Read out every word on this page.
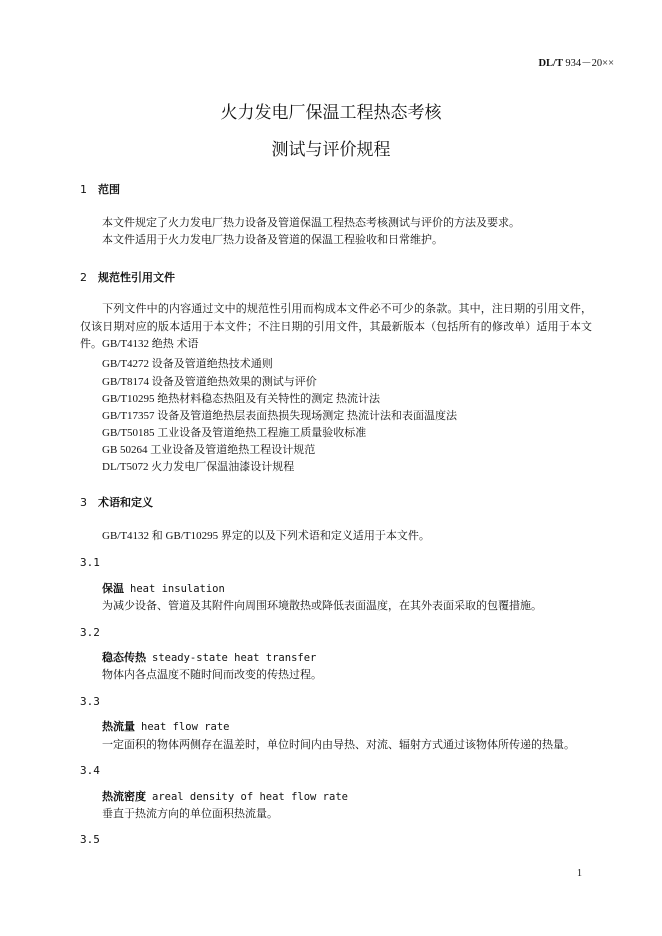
DL/T 934－20××
火力发电厂保温工程热态考核
测试与评价规程
1 范围
本文件规定了火力发电厂热力设备及管道保温工程热态考核测试与评价的方法及要求。
本文件适用于火力发电厂热力设备及管道的保温工程验收和日常维护。
2 规范性引用文件
下列文件中的内容通过文中的规范性引用而构成本文件必不可少的条款。其中，注日期的引用文件，仅该日期对应的版本适用于本文件；不注日期的引用文件，其最新版本（包括所有的修改单）适用于本文件。GB/T4132 绝热 术语
GB/T4272 设备及管道绝热技术通则
GB/T8174 设备及管道绝热效果的测试与评价
GB/T10295 绝热材料稳态热阻及有关特性的测定 热流计法
GB/T17357 设备及管道绝热层表面热损失现场测定 热流计法和表面温度法
GB/T50185 工业设备及管道绝热工程施工质量验收标准
GB 50264 工业设备及管道绝热工程设计规范
DL/T5072 火力发电厂保温油漆设计规程
3 术语和定义
GB/T4132 和 GB/T10295 界定的以及下列术语和定义适用于本文件。
3.1
保温 heat insulation
为减少设备、管道及其附件向周围环境散热或降低表面温度，在其外表面采取的包覆措施。
3.2
稳态传热 steady-state heat transfer
物体内各点温度不随时间而改变的传热过程。
3.3
热流量 heat flow rate
一定面积的物体两侧存在温差时，单位时间内由导热、对流、辐射方式通过该物体所传递的热量。
3.4
热流密度 areal density of heat flow rate
垂直于热流方向的单位面积热流量。
3.5
1
